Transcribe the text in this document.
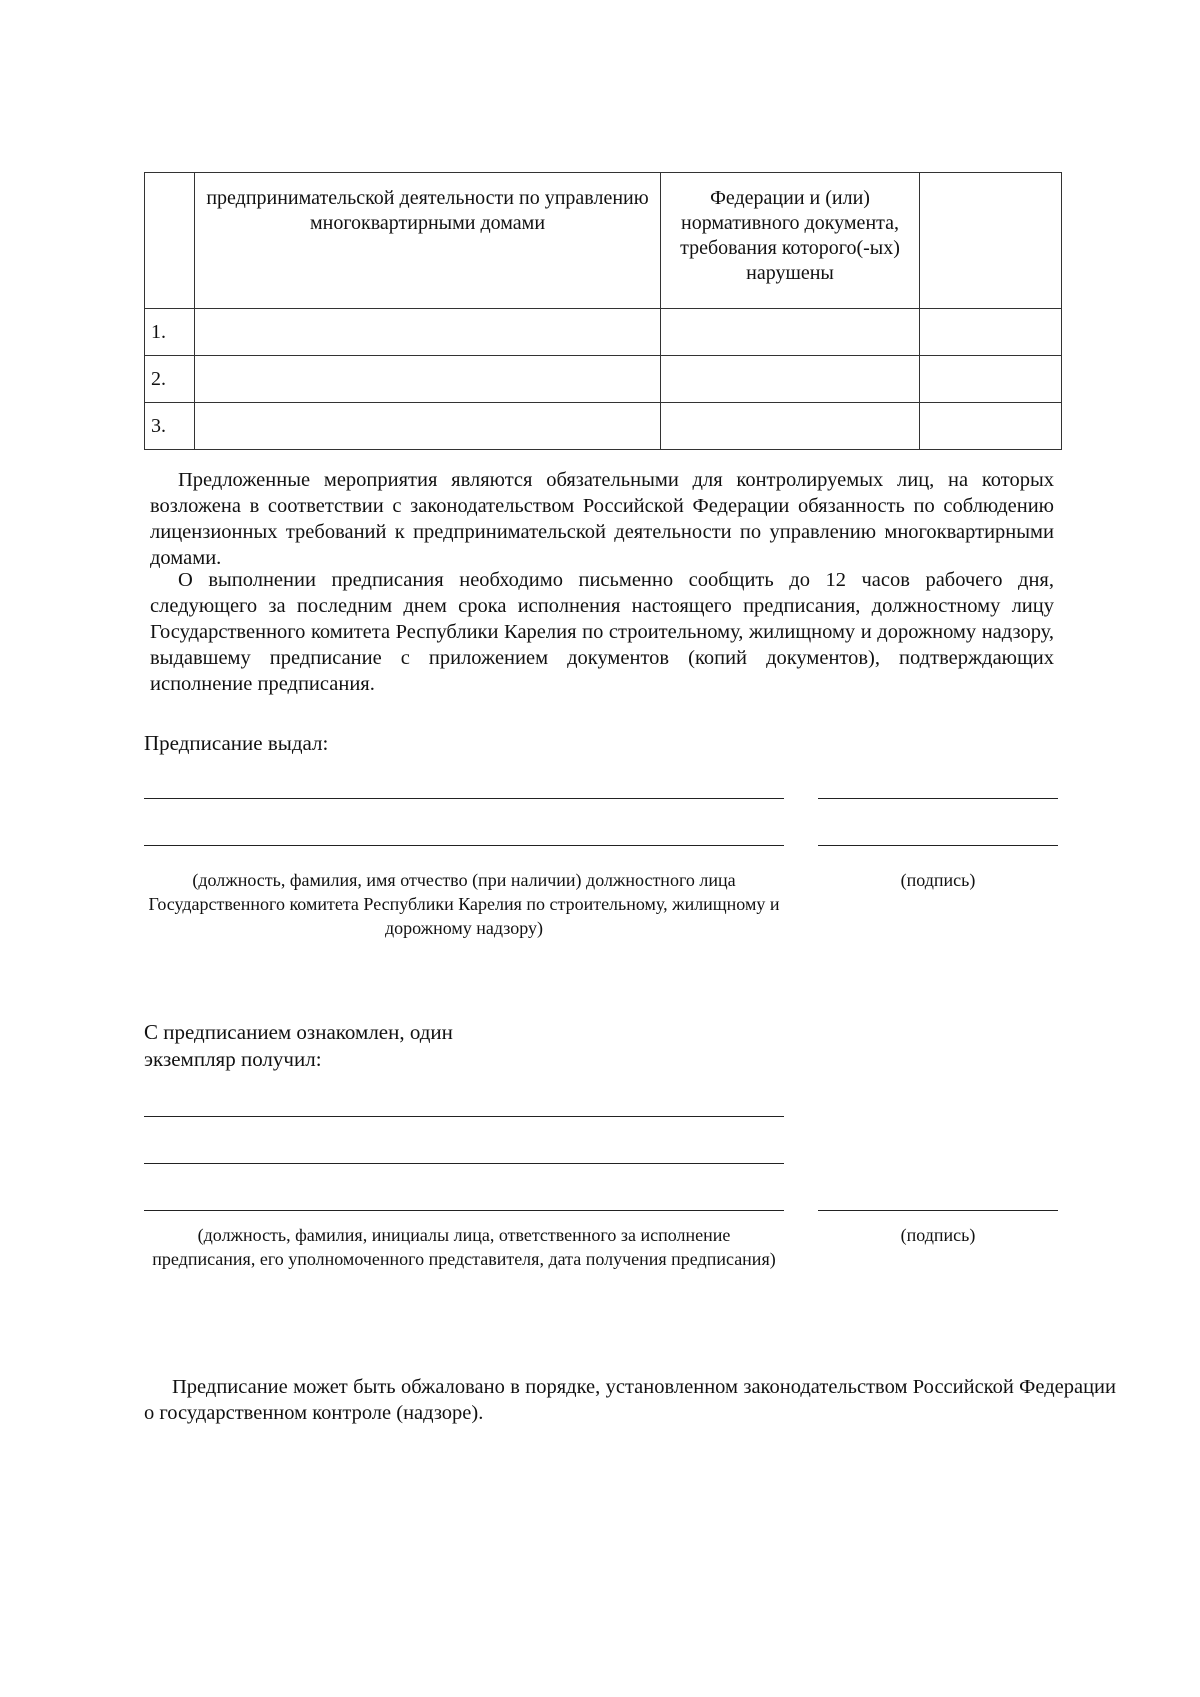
	предпринимательской деятельности по управлению многоквартирными домами	Федерации и (или) нормативного документа, требования которого(-ых) нарушены	
1.			
2.			
3.			

Предложенные мероприятия являются обязательными для контролируемых лиц, на которых возложена в соответствии с законодательством Российской Федерации обязанность по соблюдению лицензионных требований к предпринимательской деятельности по управлению многоквартирными домами.

О выполнении предписания необходимо письменно сообщить до 12 часов рабочего дня, следующего за последним днем срока исполнения настоящего предписания, должностному лицу Государственного комитета Республики Карелия по строительному, жилищному и дорожному надзору, выдавшему предписание с приложением документов (копий документов), подтверждающих исполнение предписания.

Предписание выдал:
(должность, фамилия, имя отчество (при наличии) должностного лица Государственного комитета Республики Карелия по строительному, жилищному и дорожному надзору)
(подпись)
С предписанием ознакомлен, один
экземпляр получил:
(должность, фамилия, инициалы лица, ответственного за исполнение предписания, его уполномоченного представителя, дата получения предписания)
(подпись)

Предписание может быть обжаловано в порядке, установленном законодательством Российской Федерации о государственном контроле (надзоре).
